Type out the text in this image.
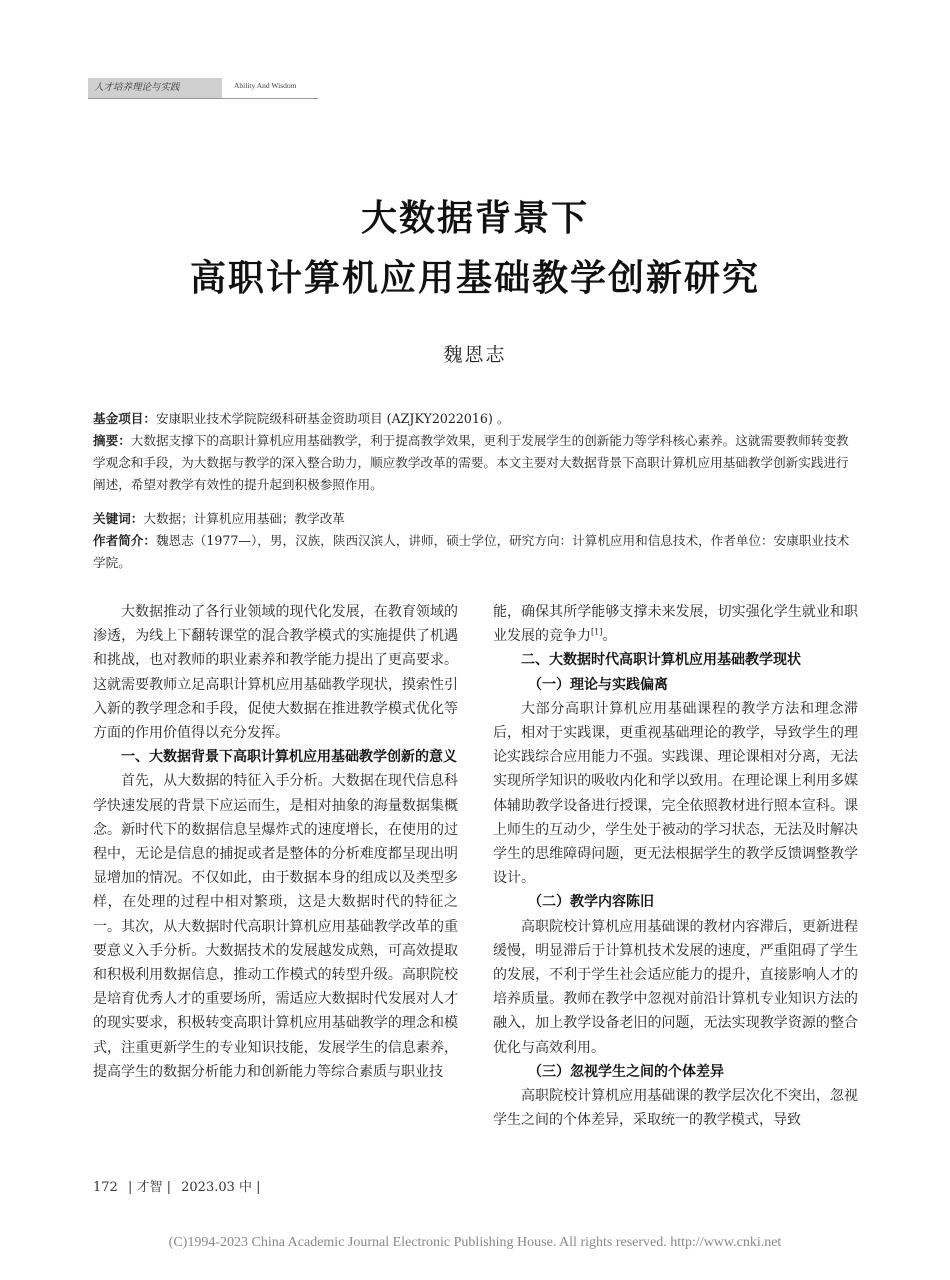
人才培养理论与实践	Ability And Wisdom
大数据背景下
高职计算机应用基础教学创新研究
魏恩志
基金项目：安康职业技术学院院级科研基金资助项目 (AZJKY2022016) 。
摘要：大数据支撑下的高职计算机应用基础教学，利于提高教学效果，更利于发展学生的创新能力等学科核心素养。这就需要教师转变教学观念和手段，为大数据与教学的深入整合助力，顺应教学改革的需要。本文主要对大数据背景下高职计算机应用基础教学创新实践进行阐述，希望对教学有效性的提升起到积极参照作用。
关键词：大数据；计算机应用基础；教学改革
作者简介：魏恩志（1977—），男，汉族，陕西汉滨人，讲师，硕士学位，研究方向：计算机应用和信息技术，作者单位：安康职业技术学院。

大数据推动了各行业领域的现代化发展，在教育领域的渗透，为线上下翻转课堂的混合教学模式的实施提供了机遇和挑战，也对教师的职业素养和教学能力提出了更高要求。这就需要教师立足高职计算机应用基础教学现状，摸索性引入新的教学理念和手段，促使大数据在推进教学模式优化等方面的作用价值得以充分发挥。

一、大数据背景下高职计算机应用基础教学创新的意义

首先，从大数据的特征入手分析。大数据在现代信息科学快速发展的背景下应运而生，是相对抽象的海量数据集概念。新时代下的数据信息呈爆炸式的速度增长，在使用的过程中，无论是信息的捕捉或者是整体的分析难度都呈现出明显增加的情况。不仅如此，由于数据本身的组成以及类型多样，在处理的过程中相对繁琐，这是大数据时代的特征之一。其次，从大数据时代高职计算机应用基础教学改革的重要意义入手分析。大数据技术的发展越发成熟，可高效提取和积极利用数据信息，推动工作模式的转型升级。高职院校是培育优秀人才的重要场所，需适应大数据时代发展对人才的现实要求，积极转变高职计算机应用基础教学的理念和模式，注重更新学生的专业知识技能，发展学生的信息素养，提高学生的数据分析能力和创新能力等综合素质与职业技

能，确保其所学能够支撑未来发展，切实强化学生就业和职业发展的竞争力[1]。

二、大数据时代高职计算机应用基础教学现状
（一）理论与实践偏离

大部分高职计算机应用基础课程的教学方法和理念滞后，相对于实践课，更重视基础理论的教学，导致学生的理论实践综合应用能力不强。实践课、理论课相对分离，无法实现所学知识的吸收内化和学以致用。在理论课上利用多媒体辅助教学设备进行授课，完全依照教材进行照本宣科。课上师生的互动少，学生处于被动的学习状态，无法及时解决学生的思维障碍问题，更无法根据学生的教学反馈调整教学设计。

（二）教学内容陈旧

高职院校计算机应用基础课的教材内容滞后，更新进程缓慢，明显滞后于计算机技术发展的速度，严重阻碍了学生的发展，不利于学生社会适应能力的提升，直接影响人才的培养质量。教师在教学中忽视对前沿计算机专业知识方法的融入，加上教学设备老旧的问题，无法实现教学资源的整合优化与高效利用。

（三）忽视学生之间的个体差异

高职院校计算机应用基础课的教学层次化不突出，忽视学生之间的个体差异，采取统一的教学模式，导致

172 | 才智 | 2023.03 中 |
(C)1994-2023 China Academic Journal Electronic Publishing House. All rights reserved. http://www.cnki.net
